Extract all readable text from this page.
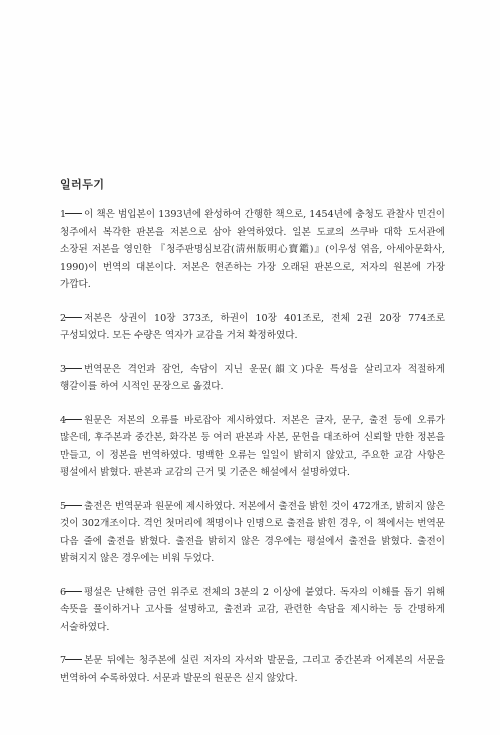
일러두기

1 이 책은 범입본이 1393년에 완성하여 간행한 책으로, 1454년에 충청도 관찰사 민건이 청주에서 복각한 판본을 저본으로 삼아 완역하였다. 일본 도쿄의 쓰쿠바 대학 도서관에 소장된 저본을 영인한 『청주판명심보감(淸州版明心寶鑑)』(이우성 엮음, 아세아문화사, 1990)이 번역의 대본이다. 저본은 현존하는 가장 오래된 판본으로, 저자의 원본에 가장 가깝다.

2 저본은 상권이 10장 373조, 하권이 10장 401조로, 전체 2권 20장 774조로 구성되었다. 모든 수량은 역자가 교감을 거쳐 확정하였다.

3 번역문은 격언과 잠언, 속담이 지닌 운문(韻文)다운 특성을 살리고자 적절하게 행갈이를 하여 시적인 문장으로 옮겼다.

4 원문은 저본의 오류를 바로잡아 제시하였다. 저본은 글자, 문구, 출전 등에 오류가 많은데, 후주본과 중간본, 화각본 등 여러 판본과 사본, 문헌을 대조하여 신뢰할 만한 정본을 만들고, 이 정본을 번역하였다. 명백한 오류는 일일이 밝히지 않았고, 주요한 교감 사항은 평설에서 밝혔다. 판본과 교감의 근거 및 기준은 해설에서 설명하였다.

5 출전은 번역문과 원문에 제시하였다. 저본에서 출전을 밝힌 것이 472개조, 밝히지 않은 것이 302개조이다. 격언 첫머리에 책명이나 인명으로 출전을 밝힌 경우, 이 책에서는 번역문 다음 줄에 출전을 밝혔다. 출전을 밝히지 않은 경우에는 평설에서 출전을 밝혔다. 출전이 밝혀지지 않은 경우에는 비워 두었다.

6 평설은 난해한 금언 위주로 전체의 3분의 2 이상에 붙였다. 독자의 이해를 돕기 위해 속뜻을 풀이하거나 고사를 설명하고, 출전과 교감, 관련한 속담을 제시하는 등 간명하게 서술하였다.

7 본문 뒤에는 청주본에 실린 저자의 자서와 발문을, 그리고 중간본과 어제본의 서문을 번역하여 수록하였다. 서문과 발문의 원문은 싣지 않았다.
